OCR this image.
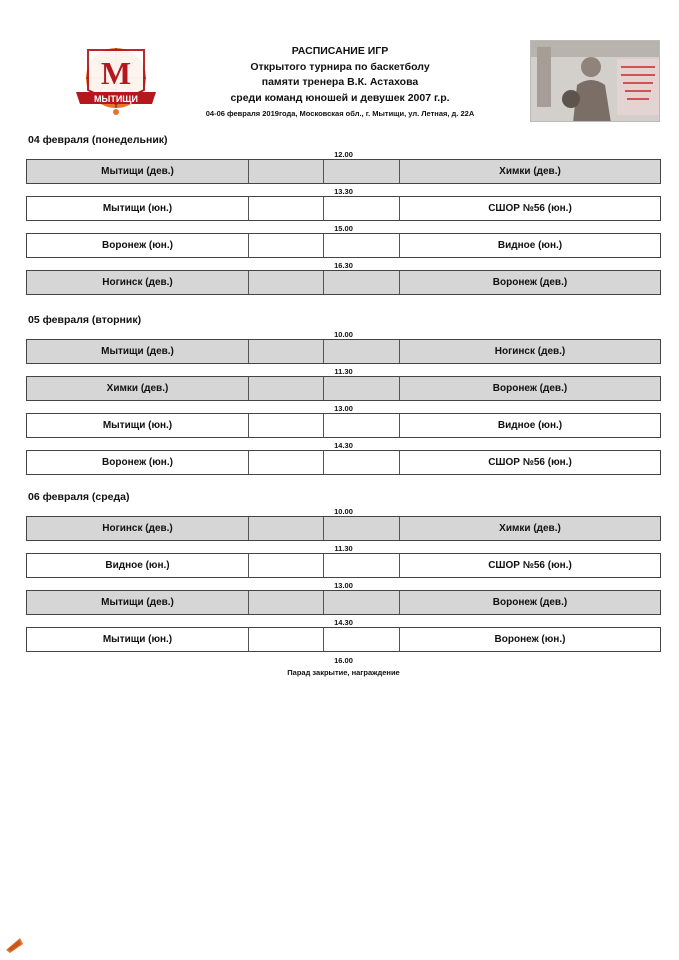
М
МЫТИЩИ
РАСПИСАНИЕ ИГР
Открытого турнира по баскетболу
памяти тренера В.К. Астахова
среди команд юношей и девушек 2007 г.р.
04-06 февраля 2019года, Московская обл., г. Мытищи, ул. Летная, д. 22А
04 февраля (понедельник)
12.00
Мытищи (дев.)	Химки (дев.)
13.30
Мытищи (юн.)	СШОР №56 (юн.)
15.00
Воронеж (юн.)	Видное (юн.)
16.30
Ногинск (дев.)	Воронеж (дев.)
05 февраля (вторник)
10.00
Мытищи (дев.)	Ногинск (дев.)
11.30
Химки (дев.)	Воронеж (дев.)
13.00
Мытищи (юн.)	Видное (юн.)
14.30
Воронеж (юн.)	СШОР №56 (юн.)
06 февраля (среда)
10.00
Ногинск (дев.)	Химки (дев.)
11.30
Видное (юн.)	СШОР №56 (юн.)
13.00
Мытищи (дев.)	Воронеж (дев.)
14.30
Мытищи (юн.)	Воронеж (юн.)
16.00
Парад закрытие, награждение
